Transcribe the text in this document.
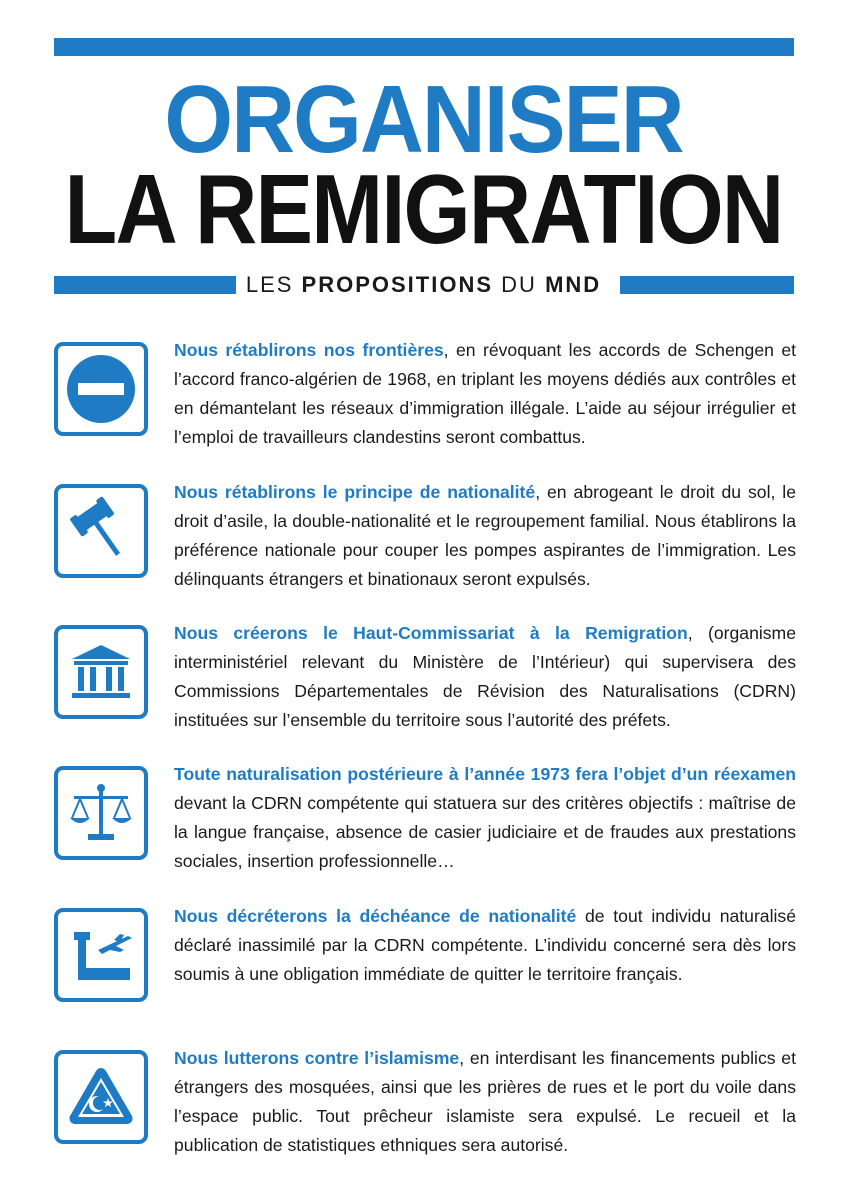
ORGANISER
LA REMIGRATION
LES PROPOSITIONS DU MND
Nous rétablirons nos frontières, en révoquant les accords de Schengen et l’accord franco-algérien de 1968, en triplant les moyens dédiés aux contrôles et en démantelant les réseaux d’immigration illégale. L’aide au séjour irrégulier et l’emploi de travailleurs clandestins seront combattus.
Nous rétablirons le principe de nationalité, en abrogeant le droit du sol, le droit d’asile, la double-nationalité et le regroupement familial. Nous établirons la préférence nationale pour couper les pompes aspirantes de l’immigration. Les délinquants étrangers et binationaux seront expulsés.
Nous créerons le Haut-Commissariat à la Remigration, (organisme interministériel relevant du Ministère de l’Intérieur) qui supervisera des Commissions Départementales de Révision des Naturalisations (CDRN) instituées sur l’ensemble du territoire sous l’autorité des préfets.
Toute naturalisation postérieure à l’année 1973 fera l’objet d’un réexamen devant la CDRN compétente qui statuera sur des critères objectifs : maîtrise de la langue française, absence de casier judiciaire et de fraudes aux prestations sociales, insertion professionnelle…
Nous décréterons la déchéance de nationalité de tout individu naturalisé déclaré inassimilé par la CDRN compétente. L’individu concerné sera dès lors soumis à une obligation immédiate de quitter le territoire français.
Nous lutterons contre l’islamisme, en interdisant les financements publics et étrangers des mosquées, ainsi que les prières de rues et le port du voile dans l’espace public. Tout prêcheur islamiste sera expulsé. Le recueil et la publication de statistiques ethniques sera autorisé.
